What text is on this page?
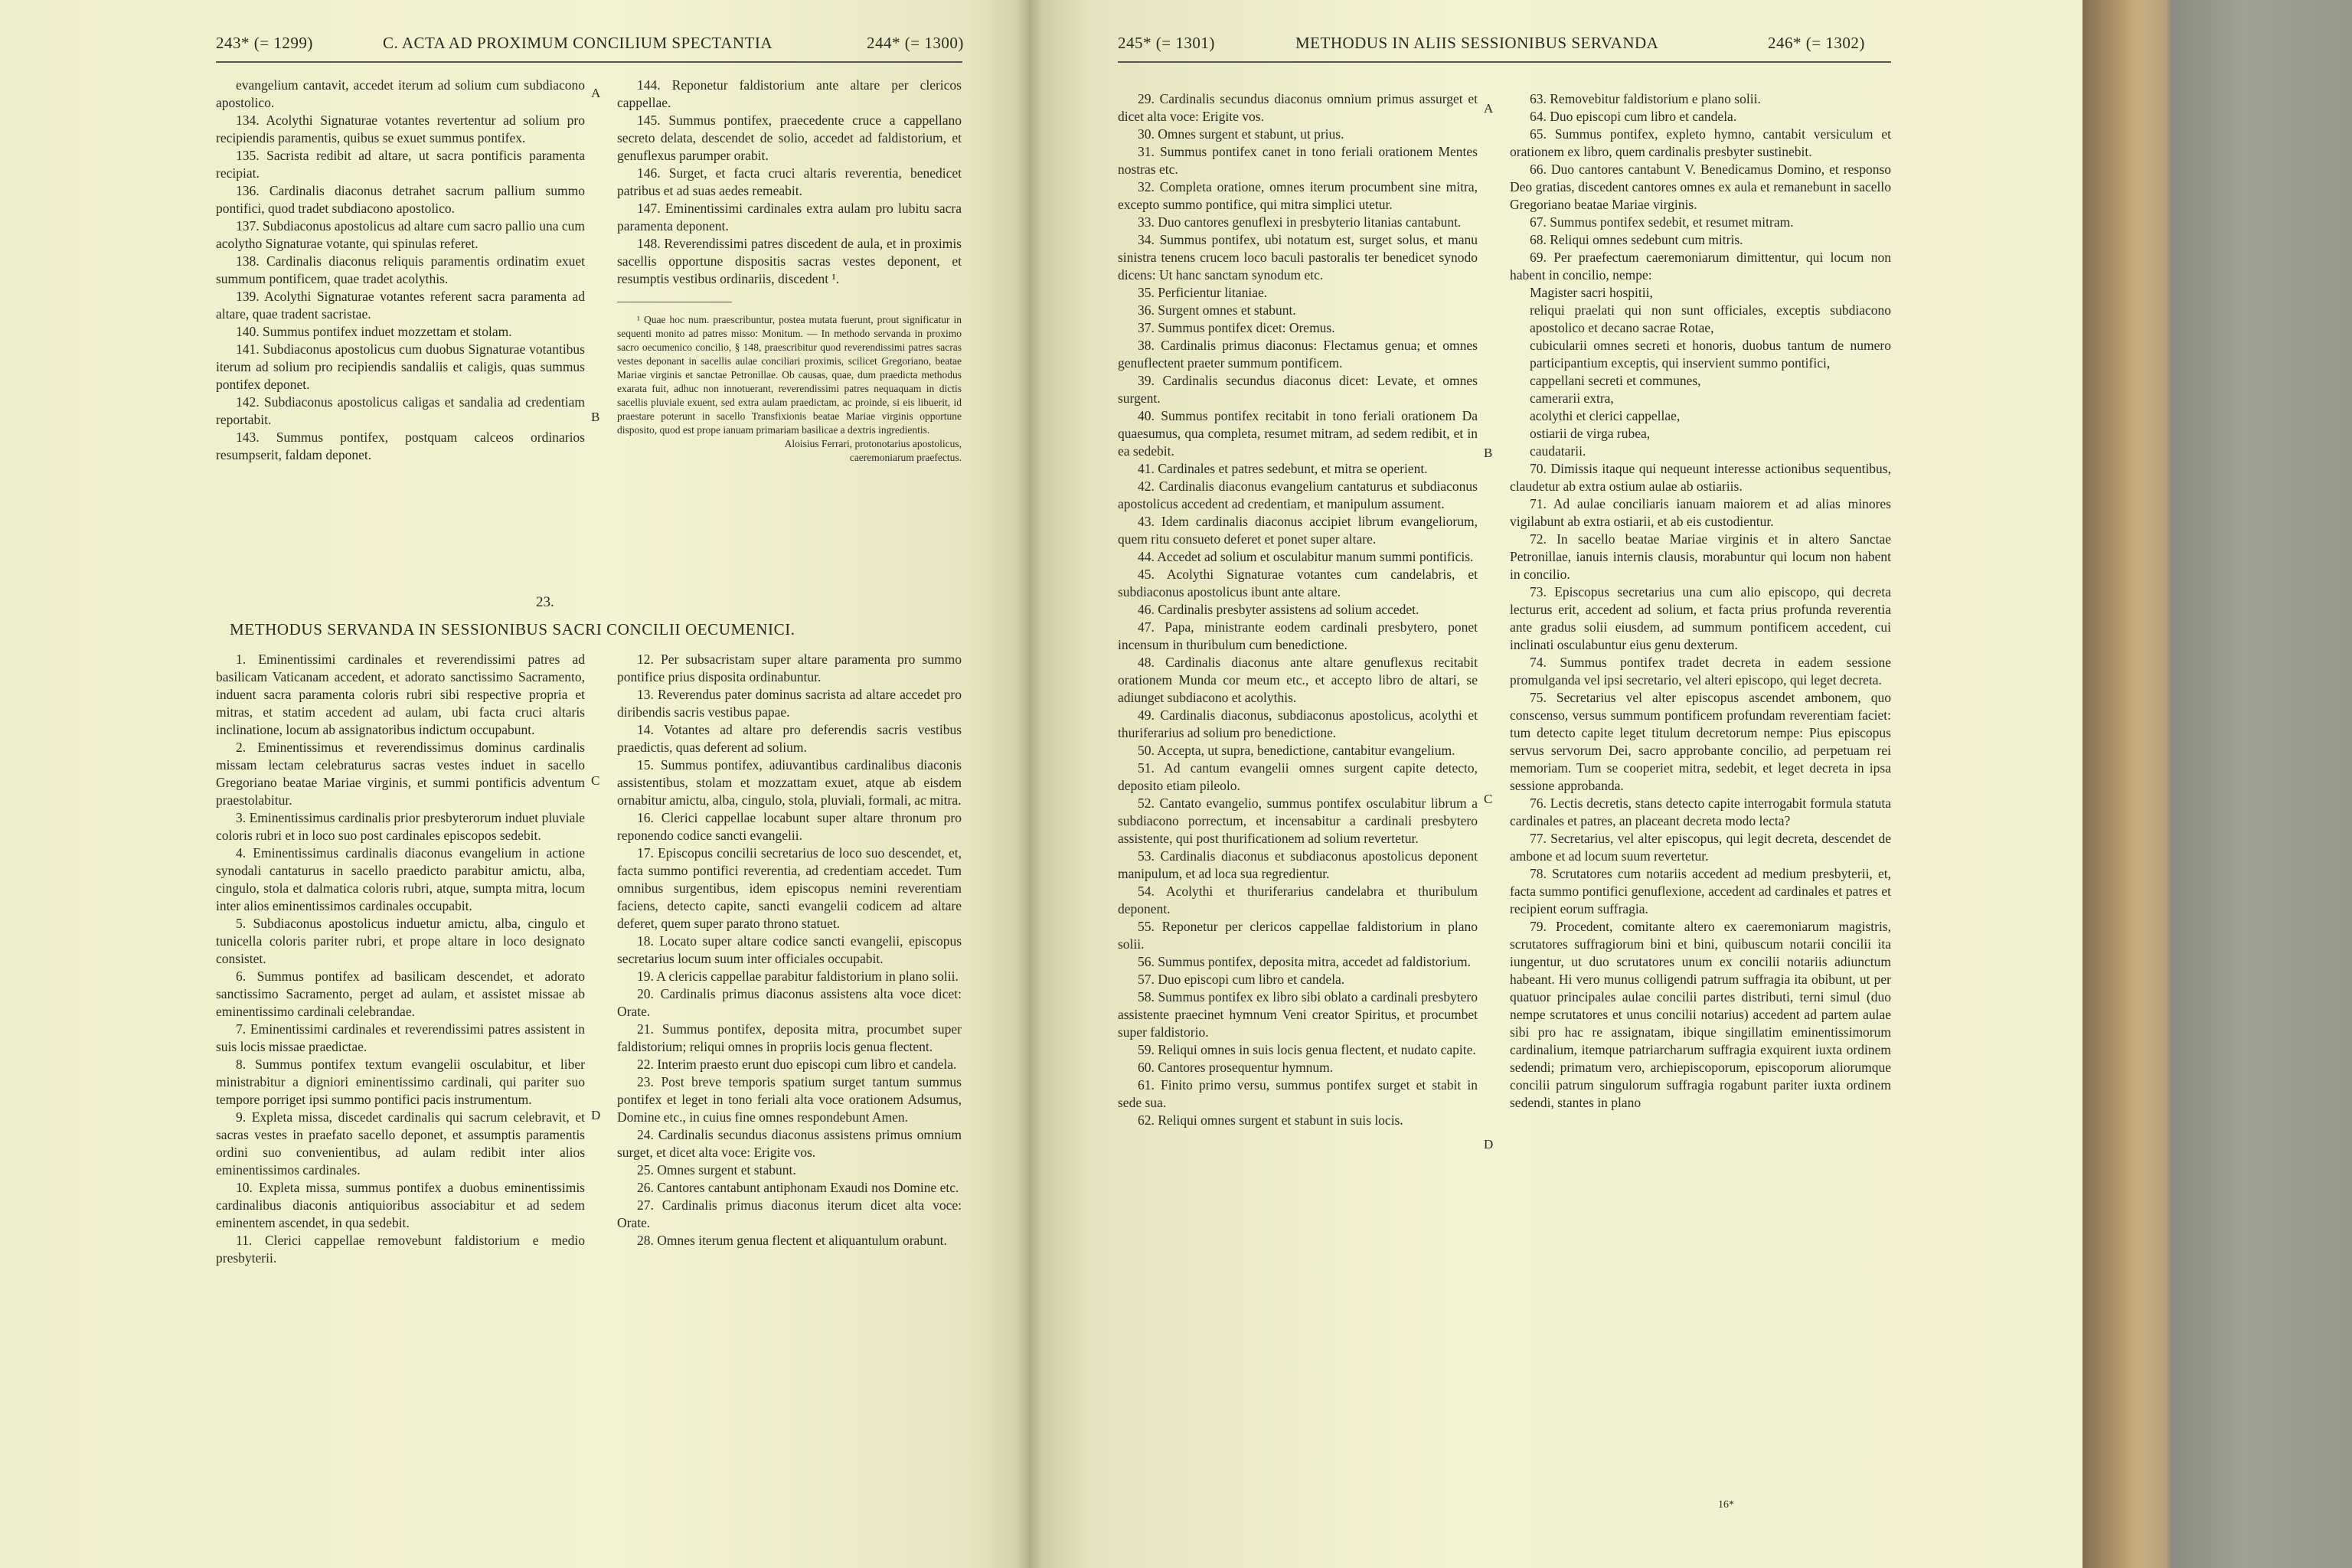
243* (= 1299)	C. ACTA AD PROXIMUM CONCILIUM SPECTANTIA	244* (= 1300)

evangelium cantavit, accedet iterum ad solium cum subdiacono apostolico.

134. Acolythi Signaturae votantes revertentur ad solium pro recipiendis paramentis, quibus se exuet summus pontifex.

135. Sacrista redibit ad altare, ut sacra pontificis paramenta recipiat.

136. Cardinalis diaconus detrahet sacrum pallium summo pontifici, quod tradet subdiacono apostolico.

137. Subdiaconus apostolicus ad altare cum sacro pallio una cum acolytho Signaturae votante, qui spinulas referet.

138. Cardinalis diaconus reliquis paramentis ordinatim exuet summum pontificem, quae tradet acolythis.

139. Acolythi Signaturae votantes referent sacra paramenta ad altare, quae tradent sacristae.

140. Summus pontifex induet mozzettam et stolam.

141. Subdiaconus apostolicus cum duobus Signaturae votantibus iterum ad solium pro recipiendis sandaliis et caligis, quas summus pontifex deponet.

142. Subdiaconus apostolicus caligas et sandalia ad credentiam reportabit.

143. Summus pontifex, postquam calceos ordinarios resumpserit, faldam deponet.

144. Reponetur faldistorium ante altare per clericos cappellae.

145. Summus pontifex, praecedente cruce a cappellano secreto delata, descendet de solio, accedet ad faldistorium, et genuflexus parumper orabit.

146. Surget, et facta cruci altaris reverentia, benedicet patribus et ad suas aedes remeabit.

147. Eminentissimi cardinales extra aulam pro lubitu sacra paramenta deponent.

148. Reverendissimi patres discedent de aula, et in proximis sacellis opportune dispositis sacras vestes deponent, et resumptis vestibus ordinariis, discedent ¹.

¹ Quae hoc num. praescribuntur, postea mutata fuerunt, prout significatur in sequenti monito ad patres misso: Monitum. — In methodo servanda in proximo sacro oecumenico concilio, § 148, praescribitur quod reverendissimi patres sacras vestes deponant in sacellis aulae conciliari proximis, scilicet Gregoriano, beatae Mariae virginis et sanctae Petronillae. Ob causas, quae, dum praedicta methodus exarata fuit, adhuc non innotuerant, reverendissimi patres nequaquam in dictis sacellis pluviale exuent, sed extra aulam praedictam, ac proinde, si eis libuerit, id praestare poterunt in sacello Transfixionis beatae Mariae virginis opportune disposito, quod est prope ianuam primariam basilicae a dextris ingredientis.

Aloisius Ferrari, protonotarius apostolicus,

caeremoniarum praefectus.

23.
METHODUS SERVANDA IN SESSIONIBUS SACRI CONCILII OECUMENICI.

1. Eminentissimi cardinales et reverendissimi patres ad basilicam Vaticanam accedent, et adorato sanctissimo Sacramento, induent sacra paramenta coloris rubri sibi respective propria et mitras, et statim accedent ad aulam, ubi facta cruci altaris inclinatione, locum ab assignatoribus indictum occupabunt.

2. Eminentissimus et reverendissimus dominus cardinalis missam lectam celebraturus sacras vestes induet in sacello Gregoriano beatae Mariae virginis, et summi pontificis adventum praestolabitur.

3. Eminentissimus cardinalis prior presbyterorum induet pluviale coloris rubri et in loco suo post cardinales episcopos sedebit.

4. Eminentissimus cardinalis diaconus evangelium in actione synodali cantaturus in sacello praedicto parabitur amictu, alba, cingulo, stola et dalmatica coloris rubri, atque, sumpta mitra, locum inter alios eminentissimos cardinales occupabit.

5. Subdiaconus apostolicus induetur amictu, alba, cingulo et tunicella coloris pariter rubri, et prope altare in loco designato consistet.

6. Summus pontifex ad basilicam descendet, et adorato sanctissimo Sacramento, perget ad aulam, et assistet missae ab eminentissimo cardinali celebrandae.

7. Eminentissimi cardinales et reverendissimi patres assistent in suis locis missae praedictae.

8. Summus pontifex textum evangelii osculabitur, et liber ministrabitur a digniori eminentissimo cardinali, qui pariter suo tempore porriget ipsi summo pontifici pacis instrumentum.

9. Expleta missa, discedet cardinalis qui sacrum celebravit, et sacras vestes in praefato sacello deponet, et assumptis paramentis ordini suo convenientibus, ad aulam redibit inter alios eminentissimos cardinales.

10. Expleta missa, summus pontifex a duobus eminentissimis cardinalibus diaconis antiquioribus associabitur et ad sedem eminentem ascendet, in qua sedebit.

11. Clerici cappellae removebunt faldistorium e medio presbyterii.

12. Per subsacristam super altare paramenta pro summo pontifice prius disposita ordinabuntur.

13. Reverendus pater dominus sacrista ad altare accedet pro diribendis sacris vestibus papae.

14. Votantes ad altare pro deferendis sacris vestibus praedictis, quas deferent ad solium.

15. Summus pontifex, adiuvantibus cardinalibus diaconis assistentibus, stolam et mozzattam exuet, atque ab eisdem ornabitur amictu, alba, cingulo, stola, pluviali, formali, ac mitra.

16. Clerici cappellae locabunt super altare thronum pro reponendo codice sancti evangelii.

17. Episcopus concilii secretarius de loco suo descendet, et, facta summo pontifici reverentia, ad credentiam accedet. Tum omnibus surgentibus, idem episcopus nemini reverentiam faciens, detecto capite, sancti evangelii codicem ad altare deferet, quem super parato throno statuet.

18. Locato super altare codice sancti evangelii, episcopus secretarius locum suum inter officiales occupabit.

19. A clericis cappellae parabitur faldistorium in plano solii.

20. Cardinalis primus diaconus assistens alta voce dicet: Orate.

21. Summus pontifex, deposita mitra, procumbet super faldistorium; reliqui omnes in propriis locis genua flectent.

22. Interim praesto erunt duo episcopi cum libro et candela.

23. Post breve temporis spatium surget tantum summus pontifex et leget in tono feriali alta voce orationem Adsumus, Domine etc., in cuius fine omnes respondebunt Amen.

24. Cardinalis secundus diaconus assistens primus omnium surget, et dicet alta voce: Erigite vos.

25. Omnes surgent et stabunt.

26. Cantores cantabunt antiphonam Exaudi nos Domine etc.

27. Cardinalis primus diaconus iterum dicet alta voce: Orate.

28. Omnes iterum genua flectent et aliquantulum orabunt.

A
B
C
D
245* (= 1301)	METHODUS IN ALIIS SESSIONIBUS SERVANDA	246* (= 1302)

29. Cardinalis secundus diaconus omnium primus assurget et dicet alta voce: Erigite vos.

30. Omnes surgent et stabunt, ut prius.

31. Summus pontifex canet in tono feriali orationem Mentes nostras etc.

32. Completa oratione, omnes iterum procumbent sine mitra, excepto summo pontifice, qui mitra simplici utetur.

33. Duo cantores genuflexi in presbyterio litanias cantabunt.

34. Summus pontifex, ubi notatum est, surget solus, et manu sinistra tenens crucem loco baculi pastoralis ter benedicet synodo dicens: Ut hanc sanctam synodum etc.

35. Perficientur litaniae.

36. Surgent omnes et stabunt.

37. Summus pontifex dicet: Oremus.

38. Cardinalis primus diaconus: Flectamus genua; et omnes genuflectent praeter summum pontificem.

39. Cardinalis secundus diaconus dicet: Levate, et omnes surgent.

40. Summus pontifex recitabit in tono feriali orationem Da quaesumus, qua completa, resumet mitram, ad sedem redibit, et in ea sedebit.

41. Cardinales et patres sedebunt, et mitra se operient.

42. Cardinalis diaconus evangelium cantaturus et subdiaconus apostolicus accedent ad credentiam, et manipulum assument.

43. Idem cardinalis diaconus accipiet librum evangeliorum, quem ritu consueto deferet et ponet super altare.

44. Accedet ad solium et osculabitur manum summi pontificis.

45. Acolythi Signaturae votantes cum candelabris, et subdiaconus apostolicus ibunt ante altare.

46. Cardinalis presbyter assistens ad solium accedet.

47. Papa, ministrante eodem cardinali presbytero, ponet incensum in thuribulum cum benedictione.

48. Cardinalis diaconus ante altare genuflexus recitabit orationem Munda cor meum etc., et accepto libro de altari, se adiunget subdiacono et acolythis.

49. Cardinalis diaconus, subdiaconus apostolicus, acolythi et thuriferarius ad solium pro benedictione.

50. Accepta, ut supra, benedictione, cantabitur evangelium.

51. Ad cantum evangelii omnes surgent capite detecto, deposito etiam pileolo.

52. Cantato evangelio, summus pontifex osculabitur librum a subdiacono porrectum, et incensabitur a cardinali presbytero assistente, qui post thurificationem ad solium revertetur.

53. Cardinalis diaconus et subdiaconus apostolicus deponent manipulum, et ad loca sua regredientur.

54. Acolythi et thuriferarius candelabra et thuribulum deponent.

55. Reponetur per clericos cappellae faldistorium in plano solii.

56. Summus pontifex, deposita mitra, accedet ad faldistorium.

57. Duo episcopi cum libro et candela.

58. Summus pontifex ex libro sibi oblato a cardinali presbytero assistente praecinet hymnum Veni creator Spiritus, et procumbet super faldistorio.

59. Reliqui omnes in suis locis genua flectent, et nudato capite.

60. Cantores prosequentur hymnum.

61. Finito primo versu, summus pontifex surget et stabit in sede sua.

62. Reliqui omnes surgent et stabunt in suis locis.

63. Removebitur faldistorium e plano solii.

64. Duo episcopi cum libro et candela.

65. Summus pontifex, expleto hymno, cantabit versiculum et orationem ex libro, quem cardinalis presbyter sustinebit.

66. Duo cantores cantabunt V. Benedicamus Domino, et responso Deo gratias, discedent cantores omnes ex aula et remanebunt in sacello Gregoriano beatae Mariae virginis.

67. Summus pontifex sedebit, et resumet mitram.

68. Reliqui omnes sedebunt cum mitris.

69. Per praefectum caeremoniarum dimittentur, qui locum non habent in concilio, nempe:

Magister sacri hospitii,

reliqui praelati qui non sunt officiales, exceptis subdiacono apostolico et decano sacrae Rotae,

cubicularii omnes secreti et honoris, duobus tantum de numero participantium exceptis, qui inservient summo pontifici,

cappellani secreti et communes,

camerarii extra,

acolythi et clerici cappellae,

ostiarii de virga rubea,

caudatarii.

70. Dimissis itaque qui nequeunt interesse actionibus sequentibus, claudetur ab extra ostium aulae ab ostiariis.

71. Ad aulae conciliaris ianuam maiorem et ad alias minores vigilabunt ab extra ostiarii, et ab eis custodientur.

72. In sacello beatae Mariae virginis et in altero Sanctae Petronillae, ianuis internis clausis, morabuntur qui locum non habent in concilio.

73. Episcopus secretarius una cum alio episcopo, qui decreta lecturus erit, accedent ad solium, et facta prius profunda reverentia ante gradus solii eiusdem, ad summum pontificem accedent, cui inclinati osculabuntur eius genu dexterum.

74. Summus pontifex tradet decreta in eadem sessione promulganda vel ipsi secretario, vel alteri episcopo, qui leget decreta.

75. Secretarius vel alter episcopus ascendet ambonem, quo conscenso, versus summum pontificem profundam reverentiam faciet: tum detecto capite leget titulum decretorum nempe: Pius episcopus servus servorum Dei, sacro approbante concilio, ad perpetuam rei memoriam. Tum se cooperiet mitra, sedebit, et leget decreta in ipsa sessione approbanda.

76. Lectis decretis, stans detecto capite interrogabit formula statuta cardinales et patres, an placeant decreta modo lecta?

77. Secretarius, vel alter episcopus, qui legit decreta, descendet de ambone et ad locum suum revertetur.

78. Scrutatores cum notariis accedent ad medium presbyterii, et, facta summo pontifici genuflexione, accedent ad cardinales et patres et recipient eorum suffragia.

79. Procedent, comitante altero ex caeremoniarum magistris, scrutatores suffragiorum bini et bini, quibuscum notarii concilii ita iungentur, ut duo scrutatores unum ex concilii notariis adiunctum habeant. Hi vero munus colligendi patrum suffragia ita obibunt, ut per quatuor principales aulae concilii partes distributi, terni simul (duo nempe scrutatores et unus concilii notarius) accedent ad partem aulae sibi pro hac re assignatam, ibique singillatim eminentissimorum cardinalium, itemque patriarcharum suffragia exquirent iuxta ordinem sedendi; primatum vero, archiepiscoporum, episcoporum aliorumque concilii patrum singulorum suffragia rogabunt pariter iuxta ordinem sedendi, stantes in plano

A
B
C
D
16*
